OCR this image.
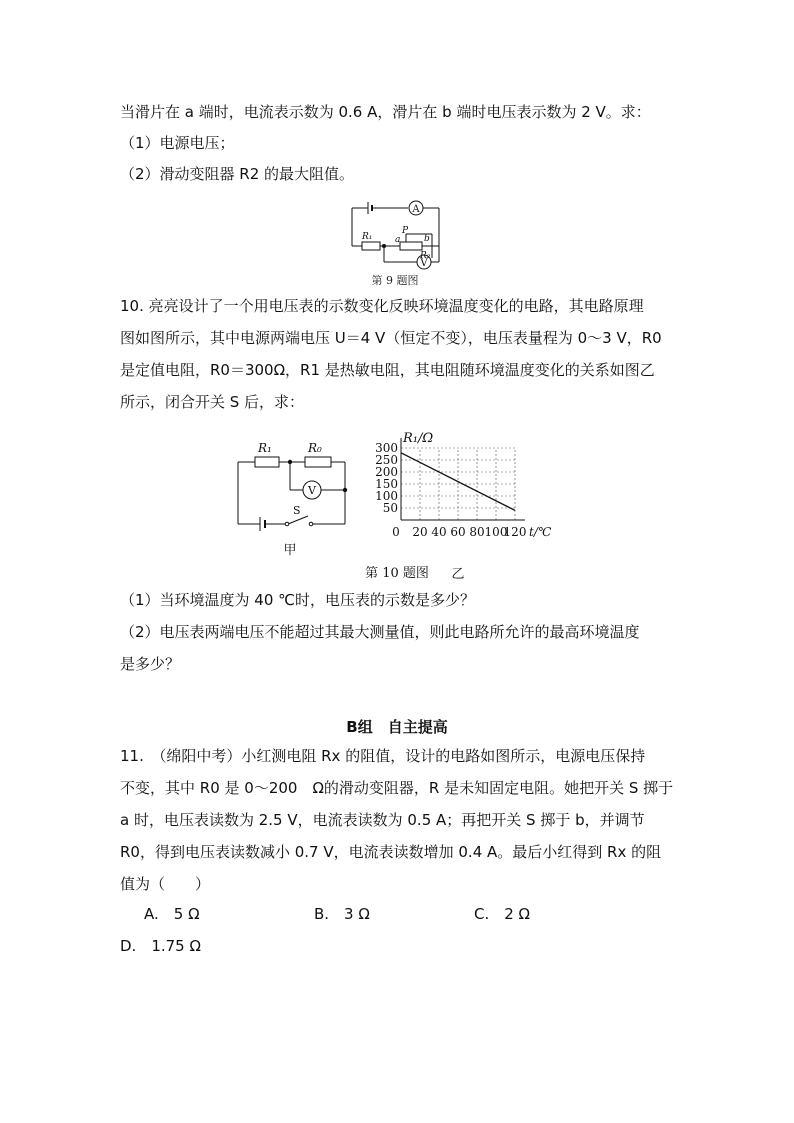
当滑片在 a 端时，电流表示数为 0.6 A，滑片在 b 端时电压表示数为 2 V。求：
（1）电源电压；
（2）滑动变阻器 R2 的最大阻值。
A
V
R₁	a
P
b
R₂
第 9 题图
10. 亮亮设计了一个用电压表的示数变化反映环境温度变化的电路，其电路原理
图如图所示，其中电源两端电压 U＝4 V（恒定不变），电压表量程为 0～3 V，R0
是定值电阻，R0＝300Ω，R1 是热敏电阻，其电阻随环境温度变化的关系如图乙
所示，闭合开关 S 后，求：
R₁	R₀
V
S
甲
50
100
150
200
250
300
0 20 40 60 80 100
120
R₁/Ω
t/℃
乙
第 10 题图
（1）当环境温度为 40 ℃时，电压表的示数是多少？
（2）电压表两端电压不能超过其最大测量值，则此电路所允许的最高环境温度
是多少？
B组　自主提高
11.　（绵阳中考）小红测电阻 Rx 的阻值，设计的电路如图所示，电源电压保持
不变，其中 R0 是 0～200　Ω的滑动变阻器，R 是未知固定电阻。她把开关 S 掷于
a 时，电压表读数为 2.5 V，电流表读数为 0.5 A；再把开关 S 掷于 b，并调节
R0，得到电压表读数减小 0.7 V，电流表读数增加 0.4 A。最后小红得到 Rx 的阻
值为（　　）
A.　5 Ω	B.　3 Ω	C.　2 Ω
D.　1.75 Ω
